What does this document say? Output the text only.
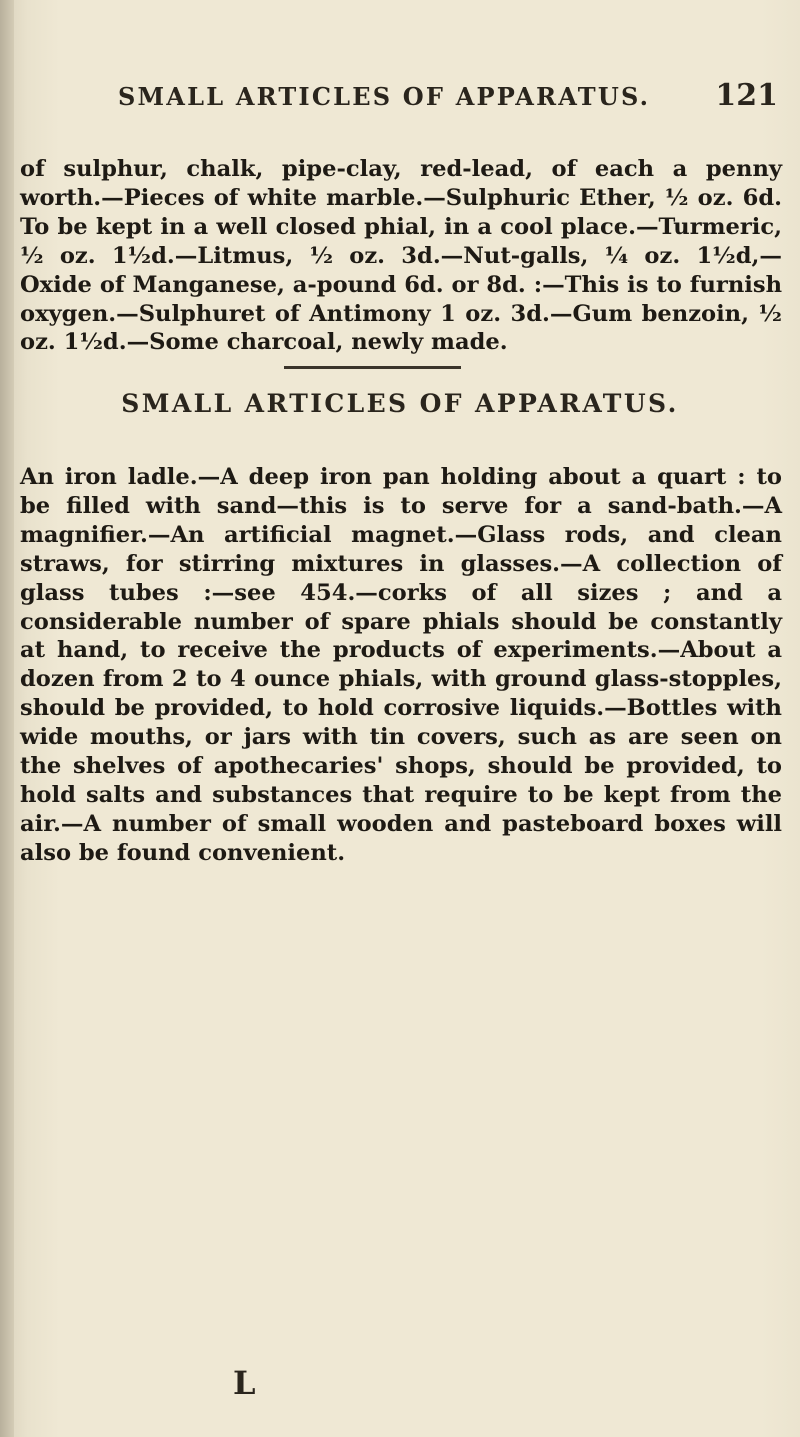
SMALL ARTICLES OF APPARATUS. 121

of sulphur, chalk, pipe-clay, red-lead, of each a penny worth.—Pieces of white marble.—Sulphuric Ether, ½ oz. 6d. To be kept in a well closed phial, in a cool place.—Turmeric, ½ oz. 1½d.—Litmus, ½ oz. 3d.—Nut-galls, ¼ oz. 1½d,—Oxide of Manganese, a-pound 6d. or 8d. :—This is to furnish oxygen.—Sulphuret of Antimony 1 oz. 3d.—Gum benzoin, ½ oz. 1½d.—Some charcoal, newly made.

SMALL ARTICLES OF APPARATUS.

An iron ladle.—A deep iron pan holding about a quart : to be filled with sand—this is to serve for a sand-bath.—A magnifier.—An artificial magnet.—Glass rods, and clean straws, for stirring mixtures in glasses.—A collection of glass tubes :—see 454.—corks of all sizes ; and a considerable number of spare phials should be constantly at hand, to receive the products of experiments.—About a dozen from 2 to 4 ounce phials, with ground glass-stopples, should be provided, to hold corrosive liquids.—Bottles with wide mouths, or jars with tin covers, such as are seen on the shelves of apothecaries' shops, should be provided, to hold salts and substances that require to be kept from the air.—A number of small wooden and pasteboard boxes will also be found convenient.

L
